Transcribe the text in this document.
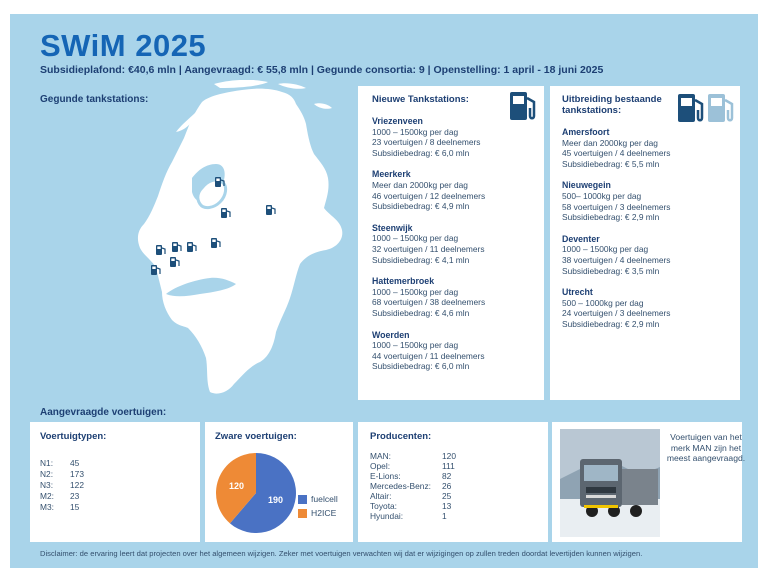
SWiM 2025
Subsidieplafond: €40,6 mln | Aangevraagd: € 55,8 mln | Gegunde consortia: 9 | Openstelling: 1 april - 18 juni 2025
Gegunde tankstations:	Nieuwe Tankstations:
Vriezenveen
1000 – 1500kg per dag
23 voertuigen / 8 deelnemers
Subsidiebedrag: € 6,0 mln
Meerkerk
Meer dan 2000kg per dag
46 voertuigen / 12 deelnemers
Subsidiebedrag: € 4,9 mln
Steenwijk
1000 – 1500kg per dag
32 voertuigen / 11 deelnemers
Subsidiebedrag: € 4,1 mln
Hattemerbroek
1000 – 1500kg per dag
68 voertuigen / 38 deelnemers
Subsidiebedrag: € 4,6 mln
Woerden
1000 – 1500kg per dag
44 voertuigen / 11 deelnemers
Subsidiebedrag: € 6,0 mln
Uitbreiding bestaande
tankstations:
Amersfoort
Meer dan 2000kg per dag
45 voertuigen / 4 deelnemers
Subsidiebedrag: € 5,5 mln
Nieuwegein
500– 1000kg per dag
58 voertuigen / 3 deelnemers
Subsidiebedrag: € 2,9 mln
Deventer
1000 – 1500kg per dag
38 voertuigen / 4 deelnemers
Subsidiebedrag: € 3,5 mln
Utrecht
500 – 1000kg per dag
24 voertuigen / 3 deelnemers
Subsidiebedrag: € 2,9 mln
Aangevraagde voertuigen:
Voertuigtypen:
N1:	45
N2:	173
N3:	122
M2:	23
M3:	15
Zware voertuigen:
190
120
fuelcell
H2ICE
Producenten:
MAN:	120
Opel:	111
E-Lions:	82
Mercedes-Benz:	26
Altair:	25
Toyota:	13
Hyundai:	1
Voertuigen van het merk MAN zijn het meest aangevraagd.
Disclaimer: de ervaring leert dat projecten over het algemeen wijzigen. Zeker met voertuigen verwachten wij dat er wijzigingen op zullen treden doordat levertijden kunnen wijzigen.
